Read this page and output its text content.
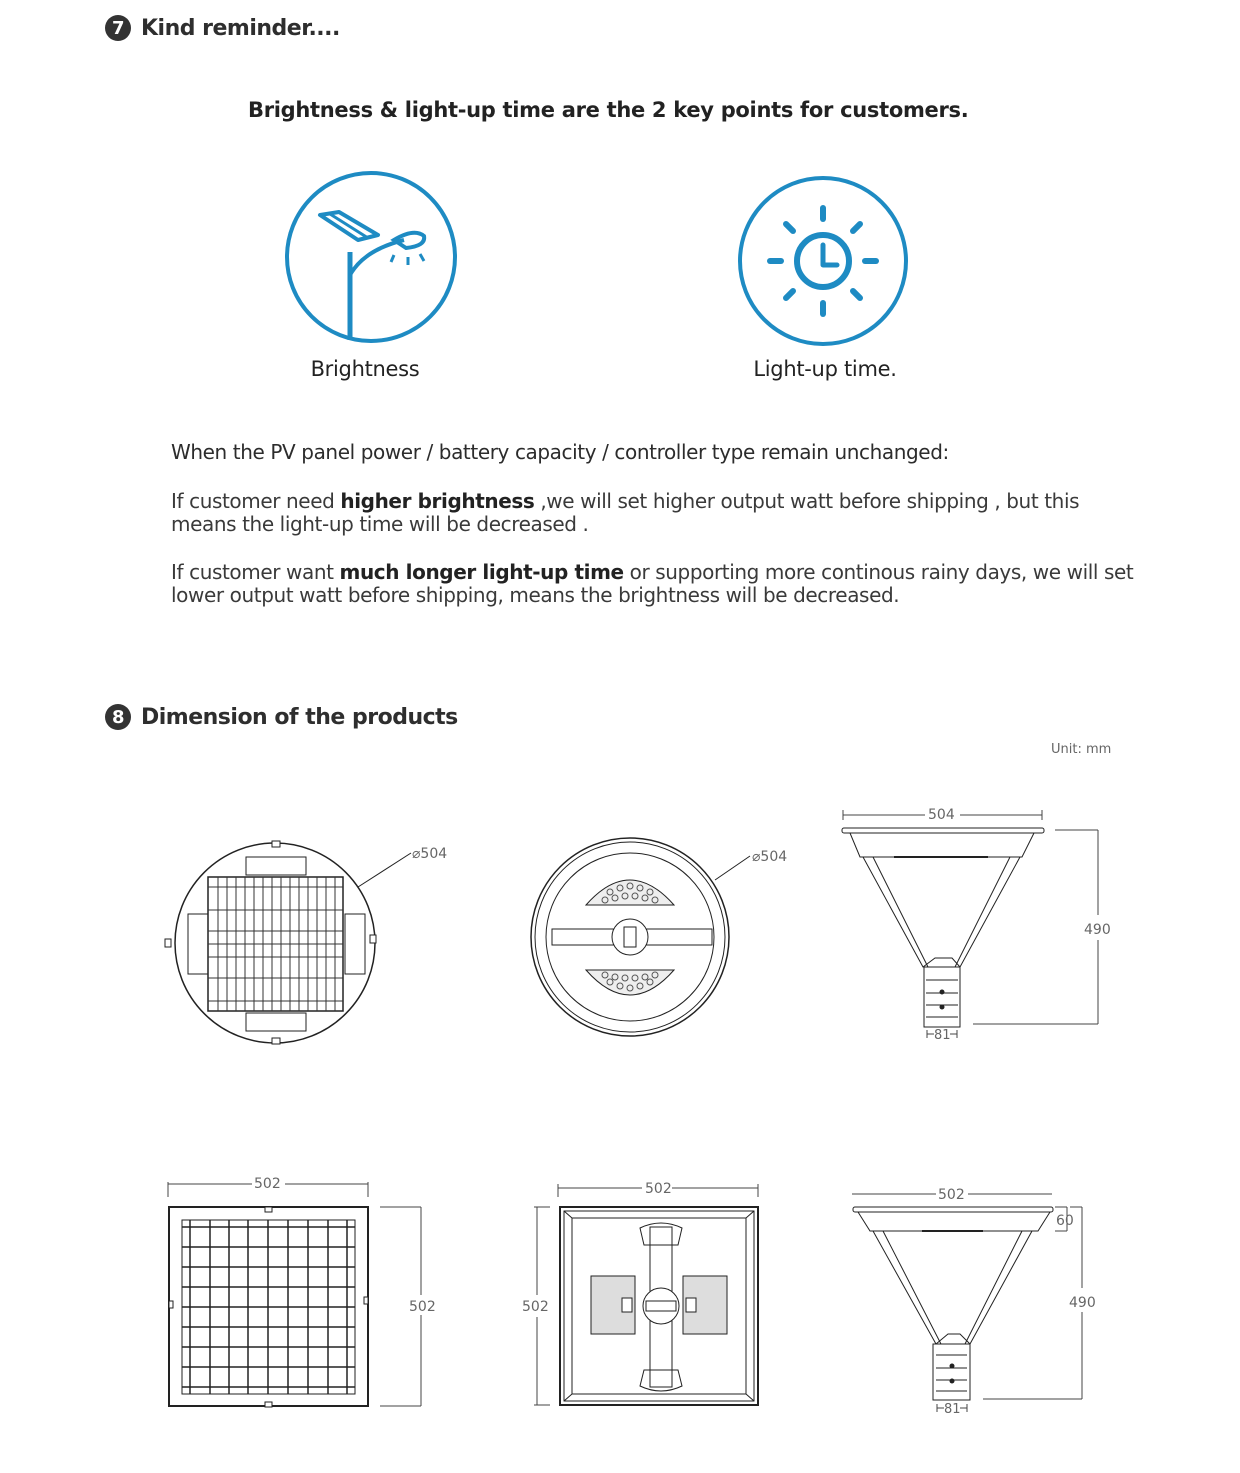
7 Kind reminder....
Brightness & light-up time are the 2 key points for customers.
Brightness	Light-up time.
When the PV panel power / battery capacity / controller type remain unchanged:
If customer need higher brightness ,we will set higher output watt before shipping , but this means the light-up time will be decreased .
If customer want much longer light-up time or supporting more continous rainy days, we will set lower output watt before shipping, means the brightness will be decreased.
8 Dimension of the products
Unit: mm
⌀504	⌀504
504
490
81
502
502
502
502
502
60
490
81
